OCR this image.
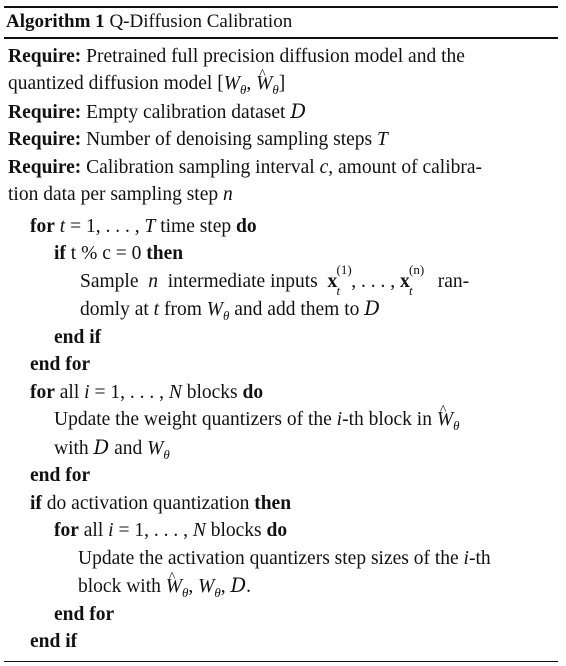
Algorithm 1 Q-Diffusion Calibration
Require: Pretrained full precision diffusion model and the
quantized diffusion model [$W_\theta$, ^ $W_\theta$]
Require: Empty calibration dataset D
Require: Number of denoising sampling steps T
Require: Calibration sampling interval c, amount of calibra-
tion data per sampling step n
for t = 1, . . . , T time step do
if t % c = 0 then
Sample n intermediate inputs x
(1)
t , . . . , x
(n)
t ran-
domly at t from $W_\theta$ and add them to D
end if
end for
for all i = 1, . . . , N blocks do
Update the weight quantizers of the i-th block in ^ $W_\theta$
with D and $W_\theta$
end for
if do activation quantization then
for all i = 1, . . . , N blocks do
Update the activation quantizers step sizes of the i-th
block with ^ $W_\theta$, $W_\theta$, D.
end for
end if
